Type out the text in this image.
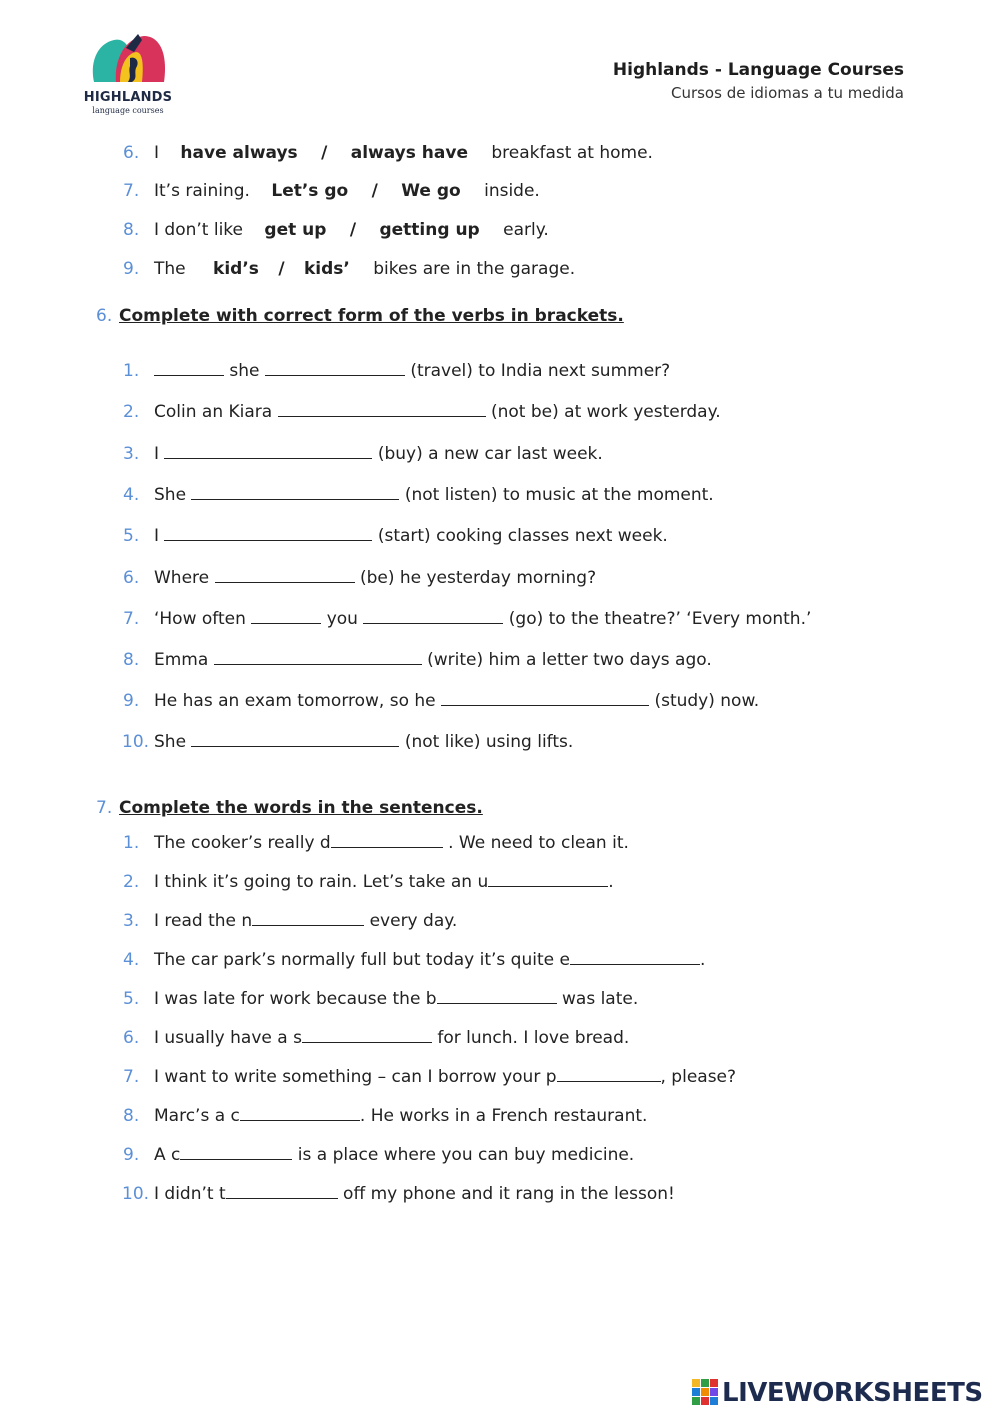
HIGHLANDS
language courses
Highlands - Language Courses
Cursos de idiomas a tu medida
6. I have always / always have breakfast at home.
7. It’s raining. Let’s go / We go inside.
8. I don’t like get up / getting up early.
9. The kid’s / kids’ bikes are in the garage.
6. Complete with correct form of the verbs in brackets.
1.	she	(travel) to India next summer?
2. Colin an Kiara	(not be) at work yesterday.
3. I	(buy) a new car last week.
4. She	(not listen) to music at the moment.
5. I	(start) cooking classes next week.
6. Where	(be) he yesterday morning?
7. ‘How often	you	(go) to the theatre?’ ‘Every month.’
8. Emma	(write) him a letter two days ago.
9. He has an exam tomorrow, so he	(study) now.
10. She	(not like) using lifts.
7. Complete the words in the sentences.
1. The cooker’s really d	. We need to clean it.
2. I think it’s going to rain. Let’s take an u	.
3. I read the n	every day.
4. The car park’s normally full but today it’s quite e	.
5. I was late for work because the b	was late.
6. I usually have a s	for lunch. I love bread.
7. I want to write something – can I borrow your p	, please?
8. Marc’s a c	. He works in a French restaurant.
9. A c	is a place where you can buy medicine.
10. I didn’t t	off my phone and it rang in the lesson!
LIVEWORKSHEETS
